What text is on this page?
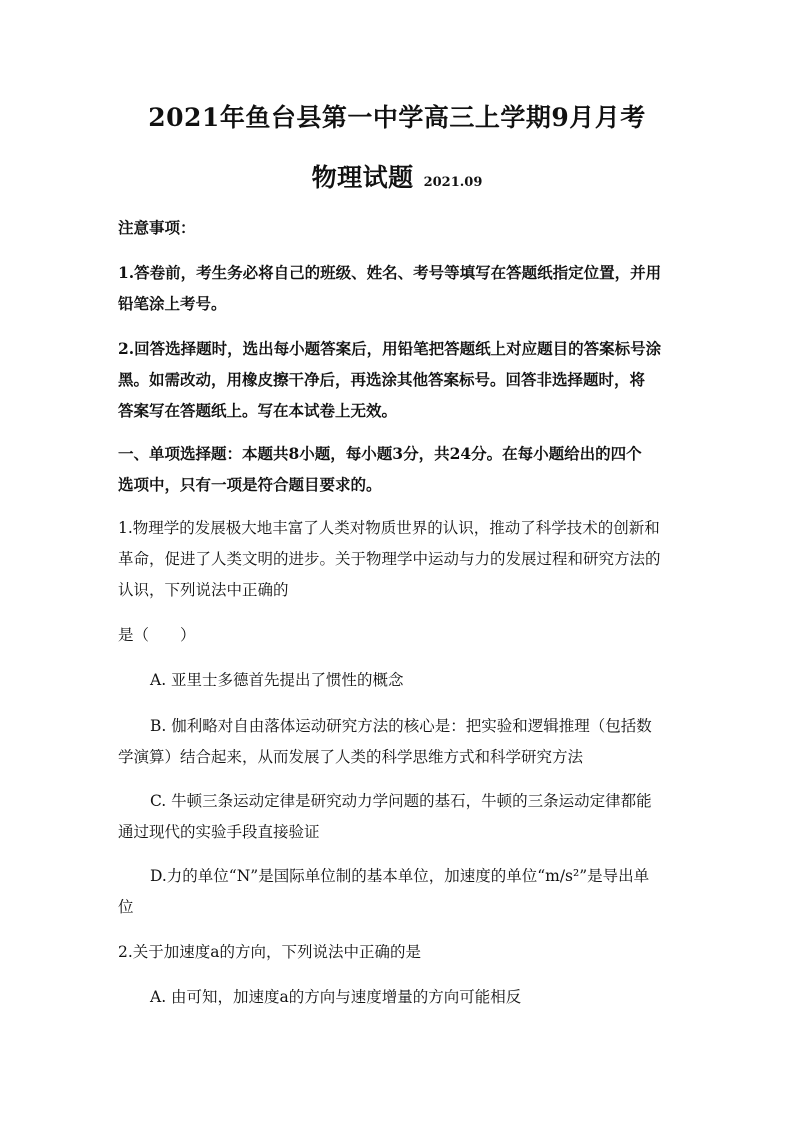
2021年鱼台县第一中学高三上学期9月月考
物理试题 2021.09
注意事项：
1.答卷前，考生务必将自己的班级、姓名、考号等填写在答题纸指定位置，并用
铅笔涂上考号。
2.回答选择题时，选出每小题答案后，用铅笔把答题纸上对应题目的答案标号涂
黑。如需改动，用橡皮擦干净后，再选涂其他答案标号。回答非选择题时，将
答案写在答题纸上。写在本试卷上无效。
一、单项选择题：本题共8小题，每小题3分，共24分。在每小题给出的四个
选项中，只有一项是符合题目要求的。
1.物理学的发展极大地丰富了人类对物质世界的认识，推动了科学技术的创新和
革命，促进了人类文明的进步。关于物理学中运动与力的发展过程和研究方法的
认识，下列说法中正确的
是（　　）
A. 亚里士多德首先提出了惯性的概念
B. 伽利略对自由落体运动研究方法的核心是：把实验和逻辑推理（包括数
学演算）结合起来，从而发展了人类的科学思维方式和科学研究方法
C. 牛顿三条运动定律是研究动力学问题的基石，牛顿的三条运动定律都能
通过现代的实验手段直接验证
D.力的单位“N”是国际单位制的基本单位，加速度的单位“m/s²”是导出单
位
2.关于加速度a的方向，下列说法中正确的是
A. 由可知，加速度a的方向与速度增量的方向可能相反
